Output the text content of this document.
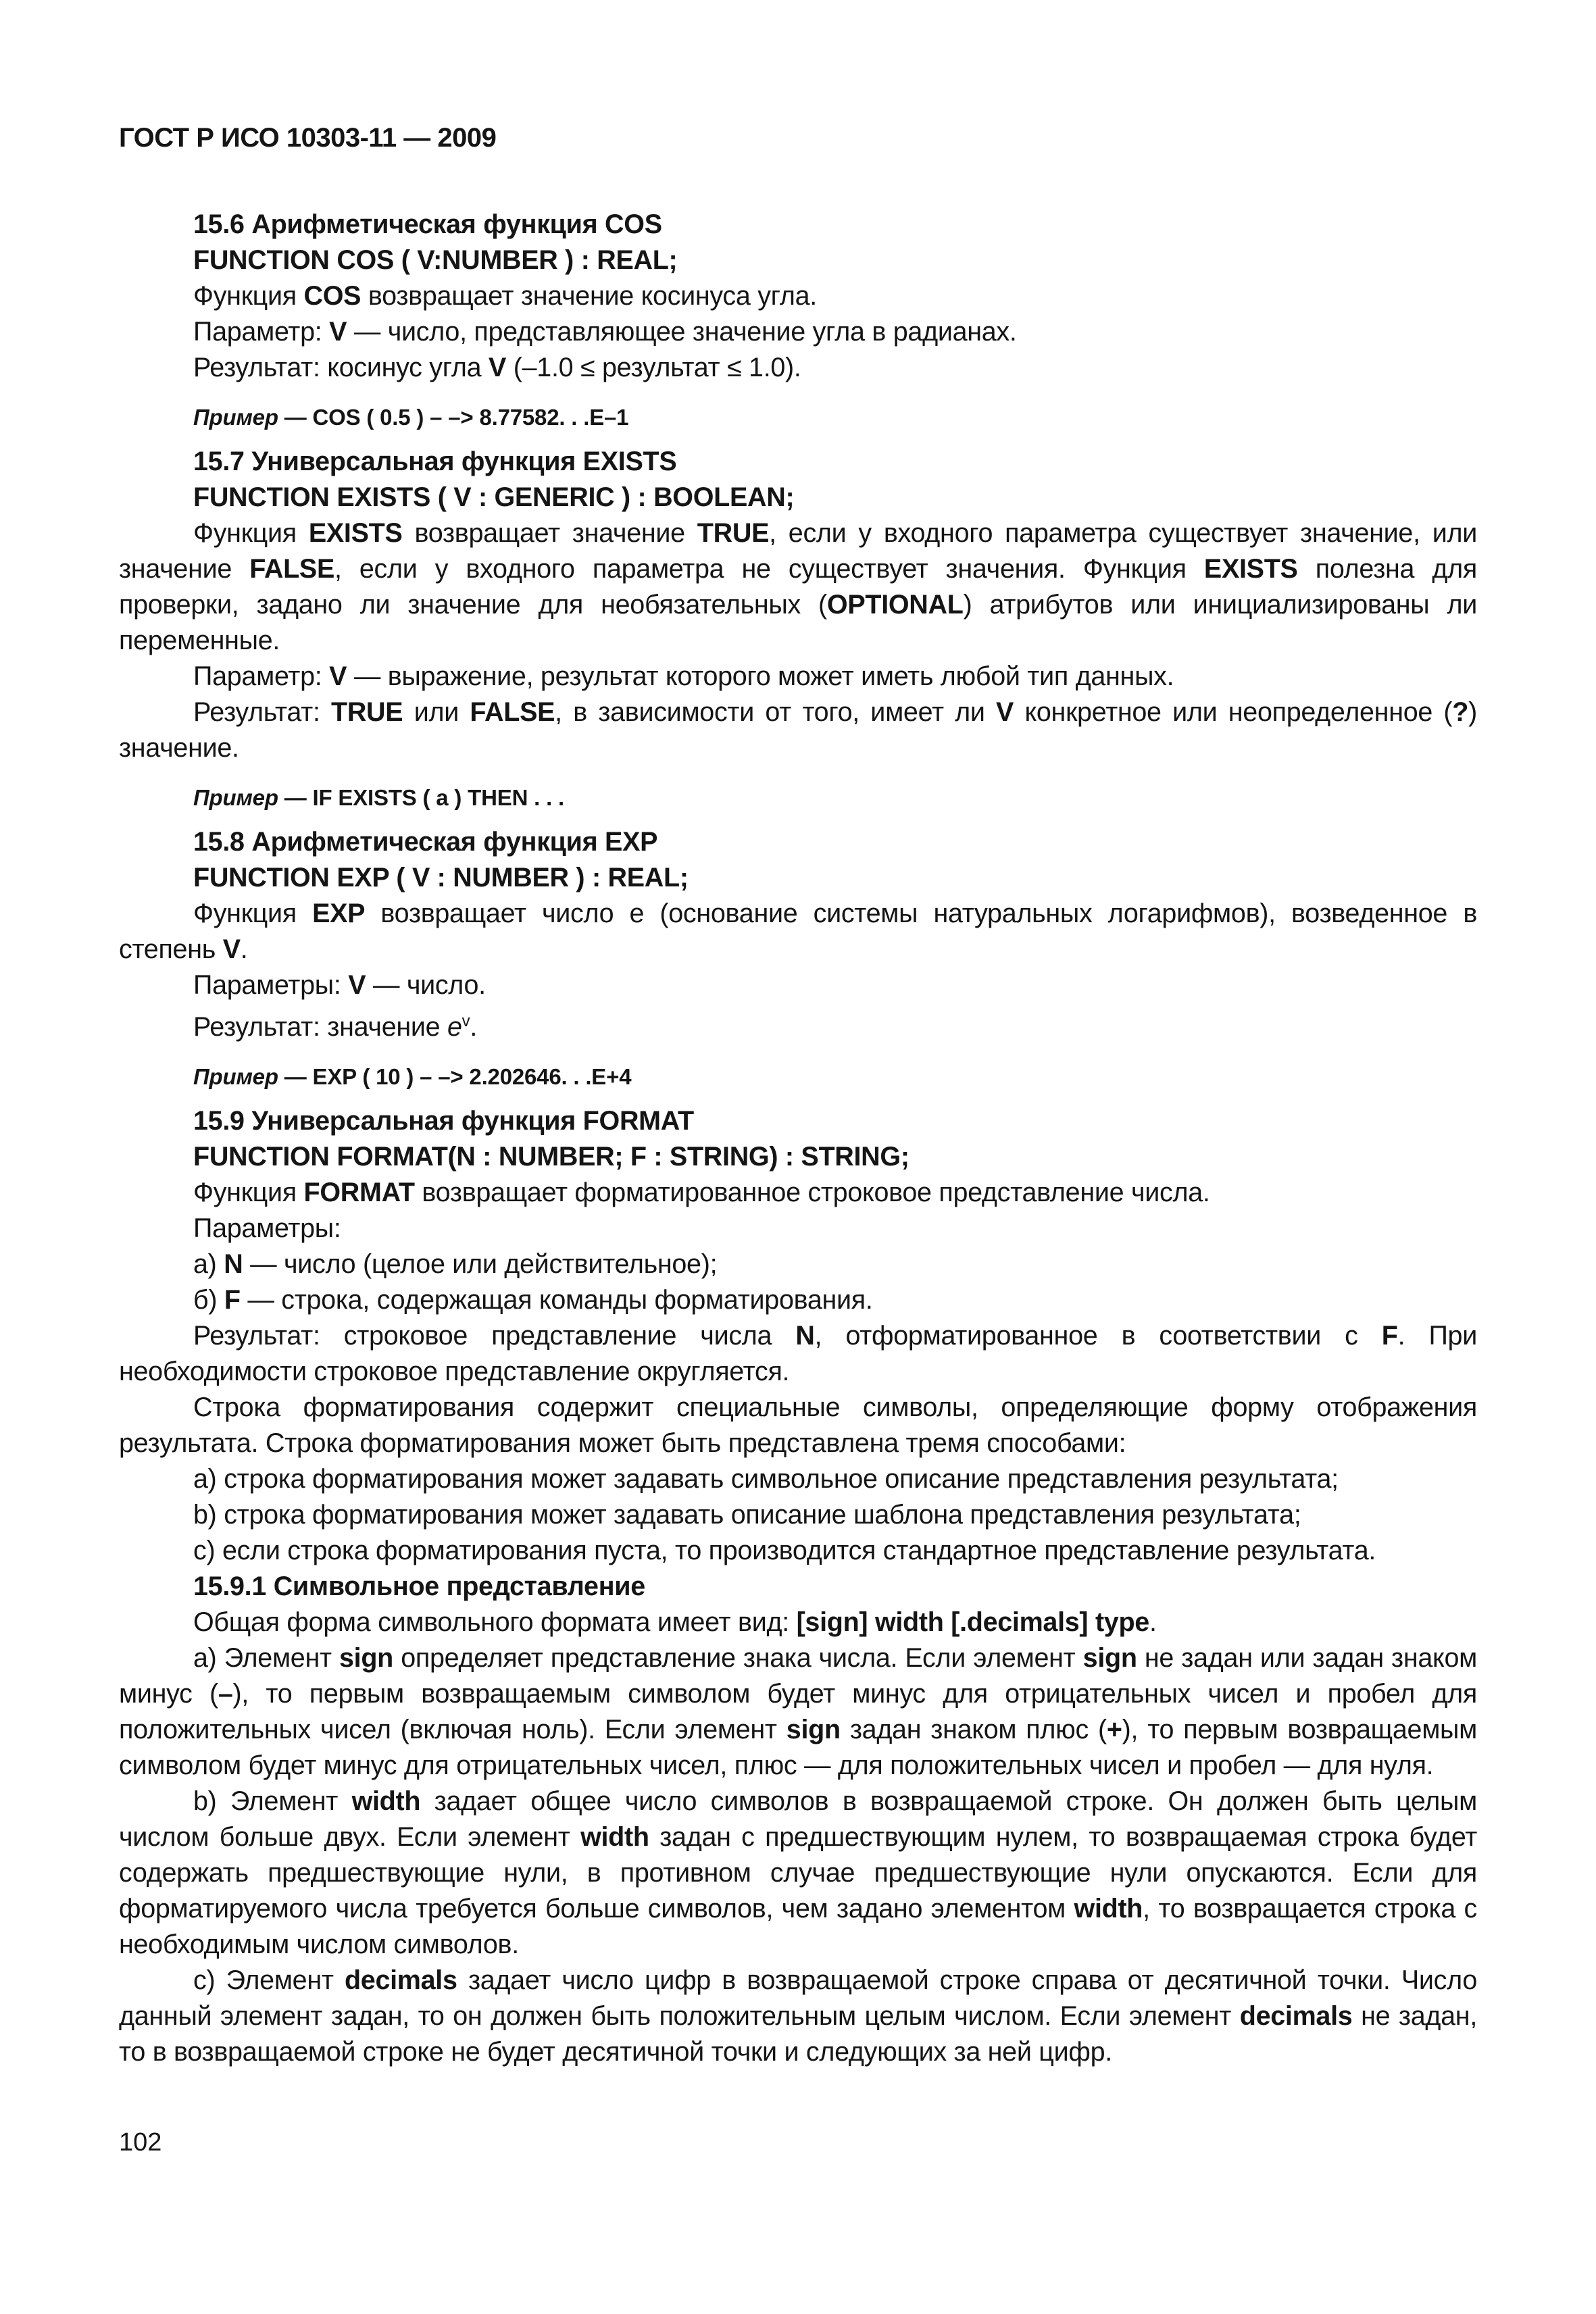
ГОСТ Р ИСО 10303-11 — 2009

15.6 Арифметическая функция COS

FUNCTION COS ( V:NUMBER ) : REAL;

Функция COS возвращает значение косинуса угла.

Параметр: V — число, представляющее значение угла в радианах.

Результат: косинус угла V (–1.0 ≤ результат ≤ 1.0).

Пример — COS ( 0.5 ) – –> 8.77582. . .E–1

15.7 Универсальная функция EXISTS

FUNCTION EXISTS ( V : GENERIC ) : BOOLEAN;

Функция EXISTS возвращает значение TRUE, если у входного параметра существует значение, или значение FALSE, если у входного параметра не существует значения. Функция EXISTS полезна для проверки, задано ли значение для необязательных (OPTIONAL) атрибутов или инициализированы ли переменные.

Параметр: V — выражение, результат которого может иметь любой тип данных.

Результат: TRUE или FALSE, в зависимости от того, имеет ли V конкретное или неопределенное (?) значение.

Пример — IF EXISTS ( a ) THEN . . .

15.8 Арифметическая функция EXP

FUNCTION EXP ( V : NUMBER ) : REAL;

Функция EXP возвращает число е (основание системы натуральных логарифмов), возведенное в степень V.

Параметры: V — число.

Результат: значение $e^v$.

Пример — EXP ( 10 ) – –> 2.202646. . .E+4

15.9 Универсальная функция FORMAT

FUNCTION FORMAT(N : NUMBER; F : STRING) : STRING;

Функция FORMAT возвращает форматированное строковое представление числа.

Параметры:

а) N — число (целое или действительное);

б) F — строка, содержащая команды форматирования.

Результат: строковое представление числа N, отформатированное в соответствии с F. При необходимости строковое представление округляется.

Строка форматирования содержит специальные символы, определяющие форму отображения результата. Строка форматирования может быть представлена тремя способами:

а) строка форматирования может задавать символьное описание представления результата;

b) строка форматирования может задавать описание шаблона представления результата;

с) если строка форматирования пуста, то производится стандартное представление результата.

15.9.1 Символьное представление

Общая форма символьного формата имеет вид: [sign] width [.decimals] type.

a) Элемент sign определяет представление знака числа. Если элемент sign не задан или задан знаком минус (–), то первым возвращаемым символом будет минус для отрицательных чисел и пробел для положительных чисел (включая ноль). Если элемент sign задан знаком плюс (+), то первым возвращаемым символом будет минус для отрицательных чисел, плюс — для положительных чисел и пробел — для нуля.

b) Элемент width задает общее число символов в возвращаемой строке. Он должен быть целым числом больше двух. Если элемент width задан с предшествующим нулем, то возвращаемая строка будет содержать предшествующие нули, в противном случае предшествующие нули опускаются. Если для форматируемого числа требуется больше символов, чем задано элементом width, то возвращается строка с необходимым числом символов.

c) Элемент decimals задает число цифр в возвращаемой строке справа от десятичной точки. Число данный элемент задан, то он должен быть положительным целым числом. Если элемент decimals не задан, то в возвращаемой строке не будет десятичной точки и следующих за ней цифр.

102
